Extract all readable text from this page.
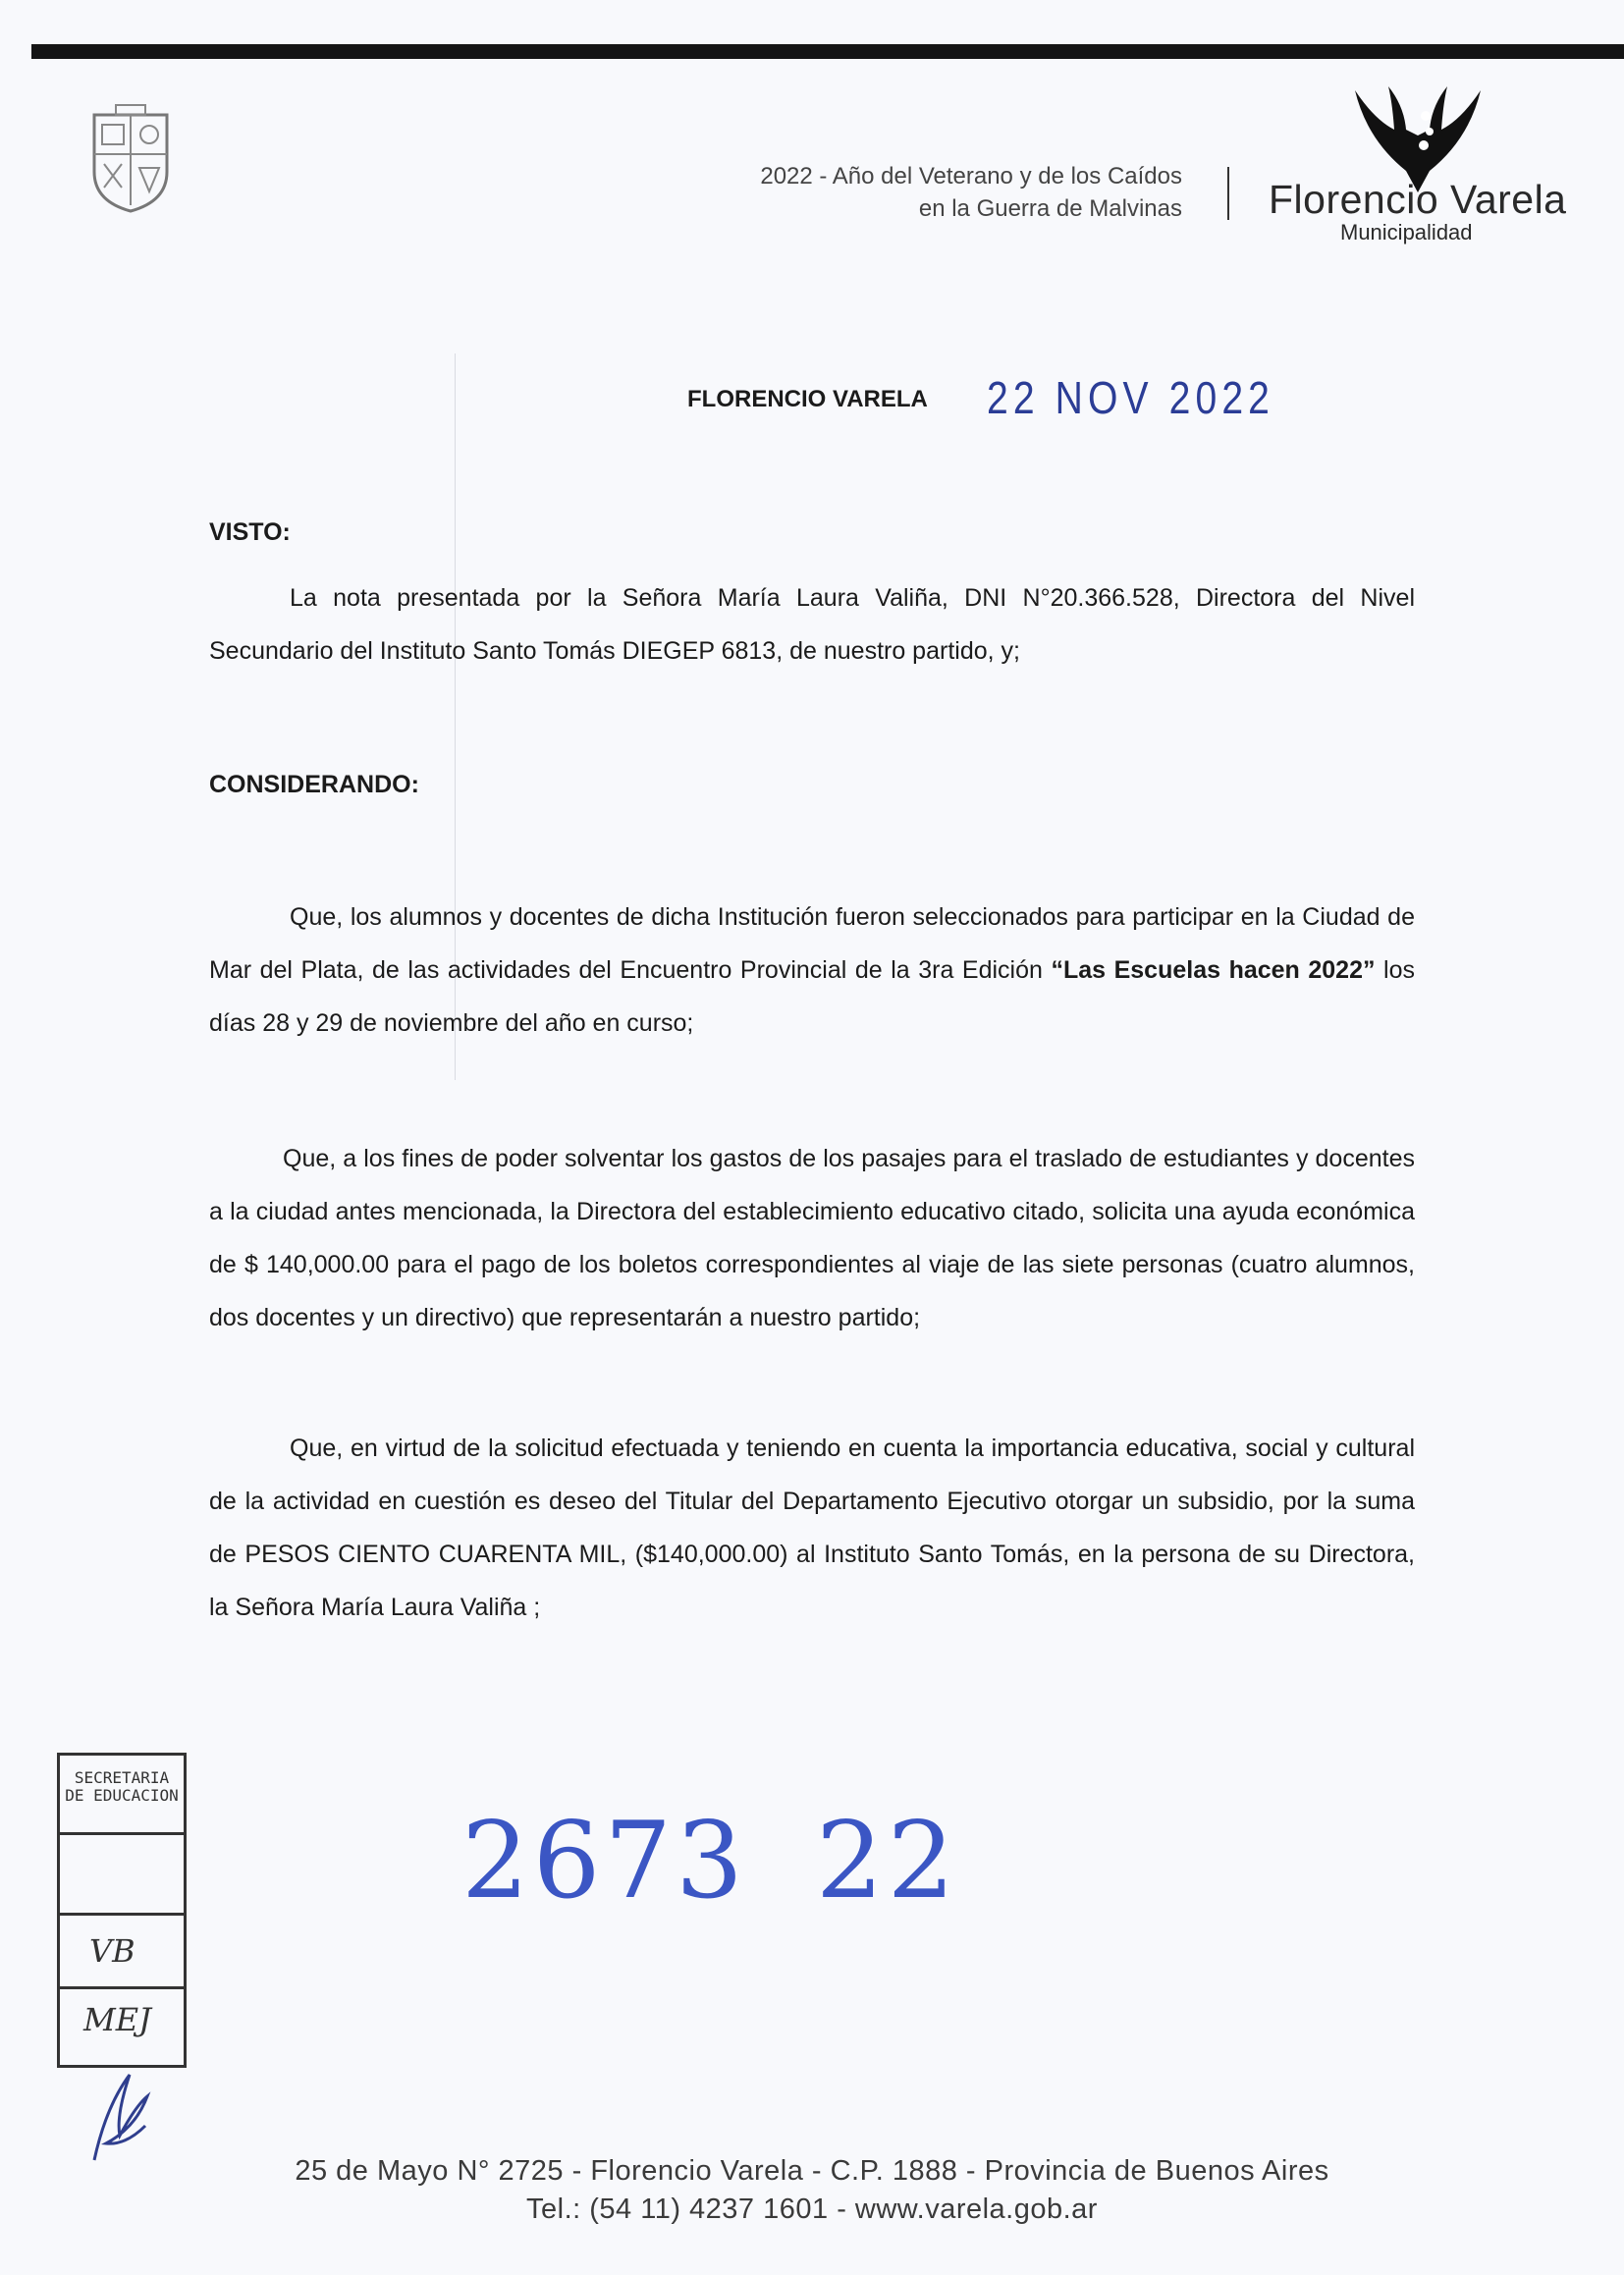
2022 - Año del Veterano y de los Caídos
en la Guerra de Malvinas Florencio Varela
Municipalidad
FLORENCIO VARELA 22 NOV 2022
VISTO:

La nota presentada por la Señora María Laura Valiña, DNI N°20.366.528, Directora del Nivel Secundario del Instituto Santo Tomás DIEGEP 6813, de nuestro partido, y;

CONSIDERANDO:

Que, los alumnos y docentes de dicha Institución fueron seleccionados para participar en la Ciudad de Mar del Plata, de las actividades del Encuentro Provincial de la 3ra Edición “Las Escuelas hacen 2022” los días 28 y 29 de noviembre del año en curso;

Que, a los fines de poder solventar los gastos de los pasajes para el traslado de estudiantes y docentes a la ciudad antes mencionada, la Directora del establecimiento educativo citado, solicita una ayuda económica de $ 140,000.00 para el pago de los boletos correspondientes al viaje de las siete personas (cuatro alumnos, dos docentes y un directivo) que representarán a nuestro partido;

Que, en virtud de la solicitud efectuada y teniendo en cuenta la importancia educativa, social y cultural de la actividad en cuestión es deseo del Titular del Departamento Ejecutivo otorgar un subsidio, por la suma de PESOS CIENTO CUARENTA MIL, ($140,000.00) al Instituto Santo Tomás, en la persona de su Directora, la Señora María Laura Valiña ;

SECRETARIA
DE EDUCACION
VB
MEJ
2673 22
25 de Mayo N° 2725 - Florencio Varela - C.P. 1888 - Provincia de Buenos Aires
Tel.: (54 11) 4237 1601 - www.varela.gob.ar
